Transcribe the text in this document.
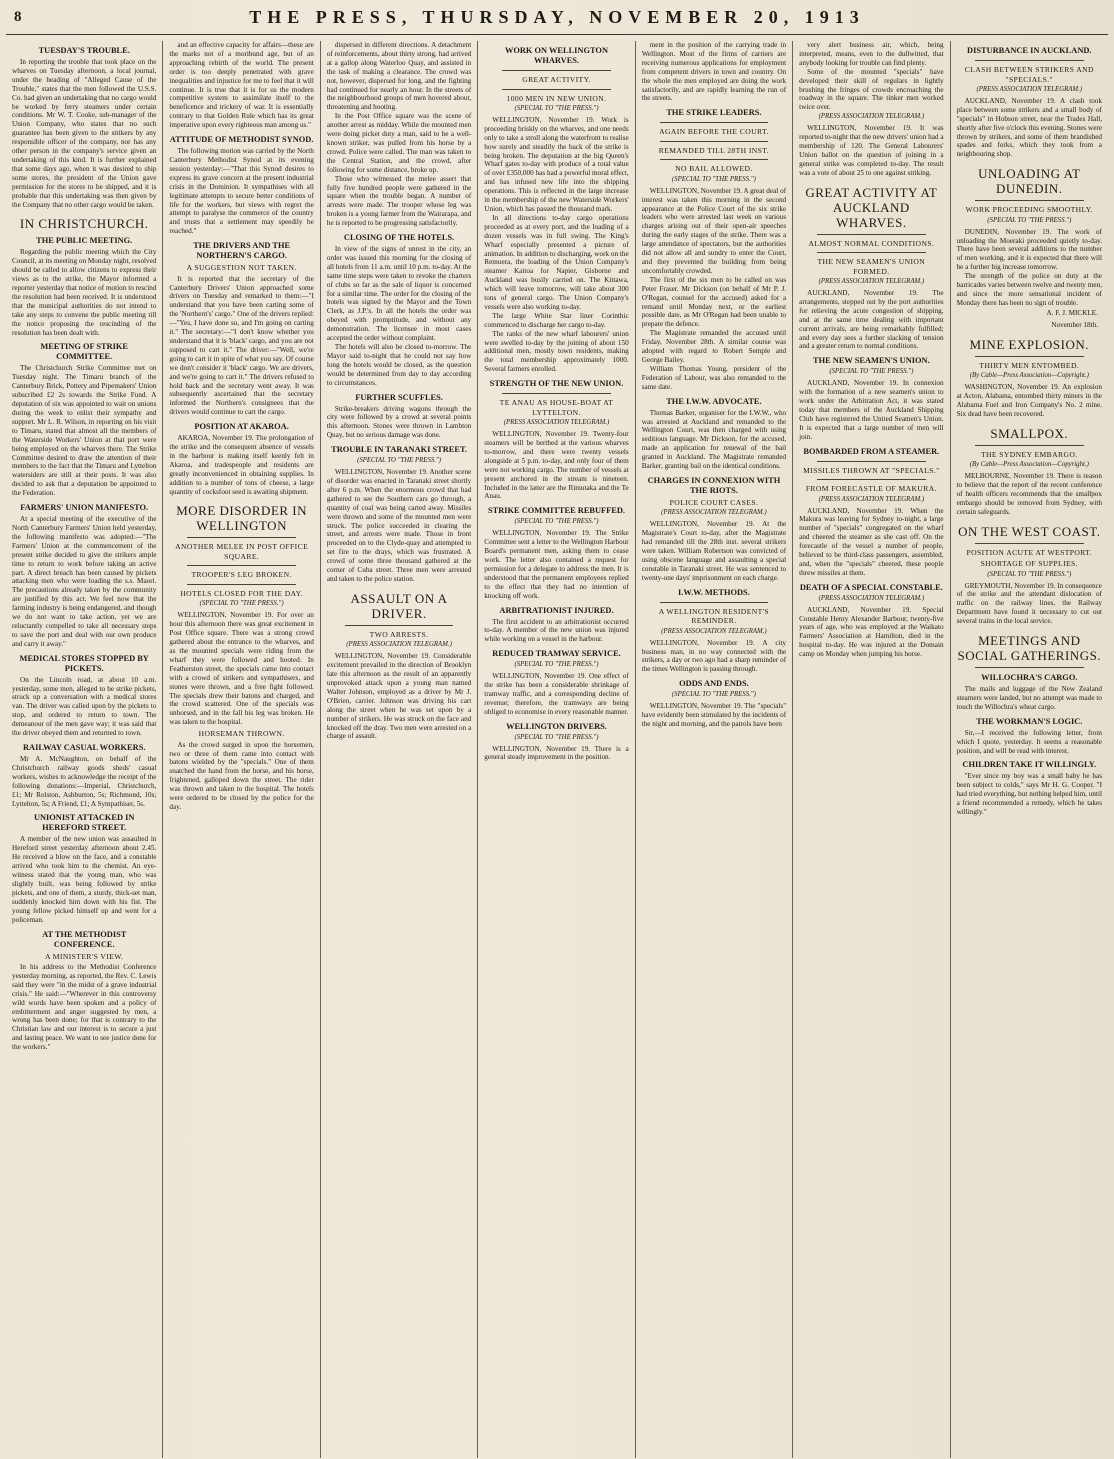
8	THE PRESS, THURSDAY, NOVEMBER 20, 1913
TUESDAY'S TROUBLE.

In reporting the trouble that took place on the wharves on Tuesday afternoon, a local journal, under the heading of "Alleged Cause of the Trouble," states that the men followed the U.S.S. Co. had given an undertaking that no cargo would be worked by ferry steamers under certain conditions. Mr W. T. Cooke, sub-manager of the Union Company, who states that no such guarantee has been given to the strikers by any responsible officer of the company, nor has any other person in the company's service given an undertaking of this kind. It is further explained that some days ago, when it was desired to ship some stores, the president of the Union gave permission for the stores to be shipped, and it is probable that this undertaking was then given by the Company that no other cargo would be taken.

IN CHRISTCHURCH.
THE PUBLIC MEETING.

Regarding the public meeting which the City Council, at its meeting on Monday night, resolved should be called to allow citizens to express their views as to the strike, the Mayor informed a reporter yesterday that notice of motion to rescind the resolution had been received. It is understood that the municipal authorities do not intend to take any steps to convene the public meeting till the notice proposing the rescinding of the resolution has been dealt with.

MEETING OF STRIKE COMMITTEE.

The Christchurch Strike Committee met on Tuesday night. The Timaru branch of the Canterbury Brick, Pottery and Pipemakers' Union subscribed £2 2s towards the Strike Fund. A deputation of six was appointed to wait on unions during the week to enlist their sympathy and support. Mr L. R. Wilson, in reporting on his visit to Timaru, stated that almost all the members of the Waterside Workers' Union at that port were being employed on the wharves there. The Strike Committee desired to draw the attention of their members to the fact that the Timaru and Lyttelton watersiders are still at their posts. It was also decided to ask that a deputation be appointed to the Federation.

FARMERS' UNION MANIFESTO.

At a special meeting of the executive of the North Canterbury Farmers' Union held yesterday, the following manifesto was adopted:—"The Farmers' Union at the commencement of the present strike decided to give the strikers ample time to return to work before taking an active part. A direct breach has been caused by pickets attacking men who were loading the s.s. Maori. The precautions already taken by the community are justified by this act. We feel now that the farming industry is being endangered, and though we do not want to take action, yet we are reluctantly compelled to take all necessary steps to save the port and deal with our own produce and carry it away."

MEDICAL STORES STOPPED BY PICKETS.

On the Lincoln road, at about 10 a.m. yesterday, some men, alleged to be strike pickets, struck up a conversation with a medical stores van. The driver was called upon by the pickets to stop, and ordered to return to town. The demeanour of the men gave way; it was said that the driver obeyed them and returned to town.

RAILWAY CASUAL WORKERS.

Mr A. McNaughton, on behalf of the Christchurch railway goods sheds' casual workers, wishes to acknowledge the receipt of the following donations:—Imperial, Christchurch, £1; Mr Rolston, Ashburton, 5s; Richmond, 10s; Lyttelton, 5s; A Friend, £1; A Sympathiser, 5s.

UNIONIST ATTACKED IN HEREFORD STREET.

A member of the new union was assaulted in Hereford street yesterday afternoon about 2.45. He received a blow on the face, and a constable arrived who took him to the chemist. An eye-witness stated that the young man, who was slightly built, was being followed by strike pickets, and one of them, a sturdy, thick-set man, suddenly knocked him down with his fist. The young fellow picked himself up and went for a policeman.

AT THE METHODIST CONFERENCE.
A MINISTER'S VIEW.

In his address to the Methodist Conference yesterday morning, as reported, the Rev. C. Lewis said they were "in the midst of a grave industrial crisis." He said:—"Wherever in this controversy wild words have been spoken and a policy of embitterment and anger suggested by men, a wrong has been done; for that is contrary to the Christian law and our interest is to secure a just and lasting peace. We want to see justice done for the workers."

and an effective capacity for affairs—these are the marks not of a moribund age, but of an approaching rebirth of the world. The present order is too deeply penetrated with grave inequalities and injustice for me to feel that it will continue. It is true that it is for us the modern competitive system to assimilate itself to the beneficence and trickery of war. It is essentially contrary to that Golden Rule which has its great imperative upon every righteous man among us."

ATTITUDE OF METHODIST SYNOD.

The following motion was carried by the North Canterbury Methodist Synod at its evening session yesterday:—"That this Synod desires to express its grave concern at the present industrial crisis in the Dominion. It sympathises with all legitimate attempts to secure better conditions of life for the workers, but views with regret the attempt to paralyse the commerce of the country and trusts that a settlement may speedily be reached."

THE DRIVERS AND THE NORTHERN'S CARGO.
A SUGGESTION NOT TAKEN.

It is reported that the secretary of the Canterbury Drivers' Union approached some drivers on Tuesday and remarked to them:—"I understand that you have been carting some of the 'Northern's' cargo." One of the drivers replied:—"Yes, I have done so, and I'm going on carting it." The secretary:—"I don't know whether you understand that it is 'black' cargo, and you are not supposed to cart it." The driver:—"Well, we're going to cart it in spite of what you say. Of course we don't consider it 'black' cargo. We are drivers, and we're going to cart it." The drivers refused to hold back and the secretary went away. It was subsequently ascertained that the secretary informed the Northern's consignees that the drivers would continue to cart the cargo.

POSITION AT AKAROA.

AKAROA, November 19. The prolongation of the strike and the consequent absence of vessels in the harbour is making itself keenly felt in Akaroa, and tradespeople and residents are greatly inconvenienced in obtaining supplies. In addition to a number of tons of cheese, a large quantity of cocksfoot seed is awaiting shipment.

MORE DISORDER IN WELLINGTON
ANOTHER MELEE IN POST OFFICE SQUARE.
TROOPER'S LEG BROKEN.
HOTELS CLOSED FOR THE DAY.
(SPECIAL TO "THE PRESS.")

WELLINGTON, November 19. For over an hour this afternoon there was great excitement in Post Office square. There was a strong crowd gathered about the entrance to the wharves, and as the mounted specials were riding from the wharf they were followed and hooted. In Featherston street, the specials came into contact with a crowd of strikers and sympathisers, and stones were thrown, and a free fight followed. The specials drew their batons and charged, and the crowd scattered. One of the specials was unhorsed, and in the fall his leg was broken. He was taken to the hospital.

HORSEMAN THROWN.

As the crowd surged in upon the horsemen, two or three of them came into contact with batons wielded by the "specials." One of them snatched the hand from the horse, and his horse, frightened, galloped down the street. The rider was thrown and taken to the hospital. The hotels were ordered to be closed by the police for the day.

dispersed in different directions. A detachment of reinforcements, about thirty strong, had arrived at a gallop along Waterloo Quay, and assisted in the task of making a clearance. The crowd was not, however, dispersed for long, and the fighting had continued for nearly an hour. In the streets of the neighbourhood groups of men hovered about, threatening and hooting.

In the Post Office square was the scene of another arrest as midday. While the mounted men were doing picket duty a man, said to be a well-known striker, was pulled from his horse by a crowd. Police were called. The man was taken to the Central Station, and the crowd, after following for some distance, broke up.

Those who witnessed the melee assert that fully five hundred people were gathered in the square when the trouble began. A number of arrests were made. The trooper whose leg was broken is a young farmer from the Wairarapa, and he is reported to be progressing satisfactorily.

CLOSING OF THE HOTELS.

In view of the signs of unrest in the city, an order was issued this morning for the closing of all hotels from 11 a.m. until 10 p.m. to-day. At the same time steps were taken to revoke the charters of clubs so far as the sale of liquor is concerned for a similar time. The order for the closing of the hotels was signed by the Mayor and the Town Clerk, as J.P.'s. In all the hotels the order was obeyed with promptitude, and without any demonstration. The licensee in most cases accepted the order without complaint.

The hotels will also be closed to-morrow. The Mayor said to-night that he could not say how long the hotels would be closed, as the question would be determined from day to day according to circumstances.

FURTHER SCUFFLES.

Strike-breakers driving wagons through the city were followed by a crowd at several points this afternoon. Stones were thrown in Lambton Quay, but no serious damage was done.

TROUBLE IN TARANAKI STREET.
(SPECIAL TO "THE PRESS.")

WELLINGTON, November 19. Another scene of disorder was enacted in Taranaki street shortly after 6 p.m. When the enormous crowd that had gathered to see the Southern cars go through, a quantity of coal was being carted away. Missiles were thrown and some of the mounted men were struck. The police succeeded in clearing the street, and arrests were made. Those in front proceeded on to the Clyde-quay and attempted to set fire to the drays, which was frustrated. A crowd of some three thousand gathered at the corner of Cuba street. Three men were arrested and taken to the police station.

ASSAULT ON A DRIVER.
TWO ARRESTS.
(PRESS ASSOCIATION TELEGRAM.)

WELLINGTON, November 19. Considerable excitement prevailed in the direction of Brooklyn late this afternoon as the result of an apparently unprovoked attack upon a young man named Walter Johnson, employed as a driver by Mr J. O'Brien, carrier. Johnson was driving his cart along the street when he was set upon by a number of strikers. He was struck on the face and knocked off the dray. Two men were arrested on a charge of assault.

WORK ON WELLINGTON WHARVES.
GREAT ACTIVITY.
1000 MEN IN NEW UNION.
(SPECIAL TO "THE PRESS.")

WELLINGTON, November 19. Work is proceeding briskly on the wharves, and one needs only to take a stroll along the waterfront to realise how surely and steadily the back of the strike is being broken. The deputation at the big Queen's Wharf gates to-day with produce of a total value of over £350,000 has had a powerful moral effect, and has infused new life into the shipping operations. This is reflected in the large increase in the membership of the new Waterside Workers' Union, which has passed the thousand mark.

In all directions to-day cargo operations proceeded as at every port, and the loading of a dozen vessels was in full swing. The King's Wharf especially presented a picture of animation. In addition to discharging, work on the Remuera, the loading of the Union Company's steamer Kaitoa for Napier, Gisborne and Auckland was busily carried on. The Kittawa, which will leave tomorrow, will take about 300 tons of general cargo. The Union Company's vessels were also working to-day.

The large White Star liner Corinthic commenced to discharge her cargo to-day.

The ranks of the new wharf labourers' union were swelled to-day by the joining of about 150 additional men, mostly town residents, making the total membership approximately 1000. Several farmers enrolled.

STRENGTH OF THE NEW UNION.
TE ANAU AS HOUSE-BOAT AT LYTTELTON.
(PRESS ASSOCIATION TELEGRAM.)

WELLINGTON, November 19. Twenty-four steamers will be berthed at the various wharves to-morrow, and there were twenty vessels alongside at 5 p.m. to-day, and only four of them were not working cargo. The number of vessels at present anchored in the stream is nineteen. Included in the latter are the Rimutaka and the Te Anau.

STRIKE COMMITTEE REBUFFED.
(SPECIAL TO "THE PRESS.")

WELLINGTON, November 19. The Strike Committee sent a letter to the Wellington Harbour Board's permanent men, asking them to cease work. The letter also contained a request for permission for a delegate to address the men. It is understood that the permanent employees replied to the effect that they had no intention of knocking off work.

ARBITRATIONIST INJURED.

The first accident to an arbitrationist occurred to-day. A member of the new union was injured while working on a vessel in the harbour.

REDUCED TRAMWAY SERVICE.
(SPECIAL TO "THE PRESS.")

WELLINGTON, November 19. One effect of the strike has been a considerable shrinkage of tramway traffic, and a corresponding decline of revenue; therefore, the tramways are being obliged to economise in every reasonable manner.

WELLINGTON DRIVERS.
(SPECIAL TO "THE PRESS.")

WELLINGTON, November 19. There is a general steady improvement in the position.

ment in the position of the carrying trade in Wellington. Most of the firms of carriers are receiving numerous applications for employment from competent drivers in town and country. On the whole the men employed are doing the work satisfactorily, and are rapidly learning the run of the streets.

THE STRIKE LEADERS.
AGAIN BEFORE THE COURT.
REMANDED TILL 28TH INST.
NO BAIL ALLOWED.
(SPECIAL TO "THE PRESS.")

WELLINGTON, November 19. A great deal of interest was taken this morning in the second appearance at the Police Court of the six strike leaders who were arrested last week on various charges arising out of their open-air speeches during the early stages of the strike. There was a large attendance of spectators, but the authorities did not allow all and sundry to enter the Court, and they prevented the building from being uncomfortably crowded.

The first of the six men to be called on was Peter Fraser. Mr Dickson (on behalf of Mr P. J. O'Regan, counsel for the accused) asked for a remand until Monday next, or the earliest possible date, as Mr O'Regan had been unable to prepare the defence.

The Magistrate remanded the accused until Friday, November 28th. A similar course was adopted with regard to Robert Semple and George Bailey.

William Thomas Young, president of the Federation of Labour, was also remanded to the same date.

THE I.W.W. ADVOCATE.

Thomas Barker, organiser for the I.W.W., who was arrested at Auckland and remanded to the Wellington Court, was then charged with using seditious language. Mr Dickson, for the accused, made an application for renewal of the bail granted in Auckland. The Magistrate remanded Barker, granting bail on the identical conditions.

CHARGES IN CONNEXION WITH THE RIOTS.
POLICE COURT CASES.
(PRESS ASSOCIATION TELEGRAM.)

WELLINGTON, November 19. At the Magistrate's Court to-day, after the Magistrate had remanded till the 28th inst. several strikers were taken. William Robertson was convicted of using obscene language and assaulting a special constable in Taranaki street. He was sentenced to twenty-one days' imprisonment on each charge.

I.W.W. METHODS.
A WELLINGTON RESIDENT'S REMINDER.
(PRESS ASSOCIATION TELEGRAM.)

WELLINGTON, November 19. A city business man, in no way connected with the strikers, a day or two ago had a sharp reminder of the times Wellington is passing through.

ODDS AND ENDS.
(SPECIAL TO "THE PRESS.")

WELLINGTON, November 19. The "specials" have evidently been stimulated by the incidents of the night and morning, and the patrols have been

very alert business air, which, being interpreted, means, even to the dullwitted, that anybody looking for trouble can find plenty.

Some of the mounted "specials" have developed their skill of regulars in lightly brushing the fringes of crowds encroaching the roadway in the square. The tinker men worked twice over.

(PRESS ASSOCIATION TELEGRAM.)

WELLINGTON, November 19. It was reported to-night that the new drivers' union had a membership of 120. The General Labourers' Union ballot on the question of joining in a general strike was completed to-day. The result was a vote of about 25 to one against striking.

GREAT ACTIVITY AT AUCKLAND WHARVES.
ALMOST NORMAL CONDITIONS.
THE NEW SEAMEN'S UNION FORMED.
(PRESS ASSOCIATION TELEGRAM.)

AUCKLAND, November 19. The arrangements, stepped out by the port authorities for relieving the acute congestion of shipping, and at the same time dealing with important current arrivals, are being remarkably fulfilled; and every day sees a further slacking of tension and a greater return to normal conditions.

THE NEW SEAMEN'S UNION.
(SPECIAL TO "THE PRESS.")

AUCKLAND, November 19. In connexion with the formation of a new seamen's union to work under the Arbitration Act, it was stated today that members of the Auckland Shipping Club have registered the United Seamen's Union. It is expected that a large number of men will join.

BOMBARDED FROM A STEAMER.
MISSILES THROWN AT "SPECIALS."
FROM FORECASTLE OF MAKURA.
(PRESS ASSOCIATION TELEGRAM.)

AUCKLAND, November 19. When the Makura was leaving for Sydney to-night, a large number of "specials" congregated on the wharf and cheered the steamer as she cast off. On the forecastle of the vessel a number of people, believed to be third-class passengers, assembled, and, when the "specials" cheered, these people threw missiles at them.

DEATH OF A SPECIAL CONSTABLE.
(PRESS ASSOCIATION TELEGRAM.)

AUCKLAND, November 19. Special Constable Henry Alexander Barbour, twenty-five years of age, who was employed at the Waikato Farmers' Association at Hamilton, died in the hospital to-day. He was injured at the Domain camp on Monday when jumping his horse.

DISTURBANCE IN AUCKLAND.
CLASH BETWEEN STRIKERS AND "SPECIALS."
(PRESS ASSOCIATION TELEGRAM.)

AUCKLAND, November 19. A clash took place between some strikers and a small body of "specials" in Hobson street, near the Trades Hall, shortly after five o'clock this evening. Stones were thrown by strikers, and some of them brandished spades and forks, which they took from a neighbouring shop.

UNLOADING AT DUNEDIN.
WORK PROCEEDING SMOOTHLY.
(SPECIAL TO "THE PRESS.")

DUNEDIN, November 19. The work of unloading the Moeraki proceeded quietly to-day. There have been several additions to the number of men working, and it is expected that there will be a further big increase tomorrow.

The strength of the police on duty at the barricades varies between twelve and twenty men, and since the more sensational incident of Monday there has been no sign of trouble.

A. F. J. MICKLE.
November 18th.
MINE EXPLOSION.
THIRTY MEN ENTOMBED.
(By Cable—Press Association—Copyright.)

WASHINGTON, November 19. An explosion at Acton, Alabama, entombed thirty miners in the Alabama Fuel and Iron Company's No. 2 mine. Six dead have been recovered.

SMALLPOX.
THE SYDNEY EMBARGO.
(By Cable—Press Association—Copyright.)

MELBOURNE, November 19. There is reason to believe that the report of the recent conference of health officers recommends that the smallpox embargo should be removed from Sydney, with certain safeguards.

ON THE WEST COAST.
POSITION ACUTE AT WESTPORT.
SHORTAGE OF SUPPLIES.
(SPECIAL TO "THE PRESS.")

GREYMOUTH, November 19. In consequence of the strike and the attendant dislocation of traffic on the railway lines, the Railway Department have found it necessary to cut out several trains in the local service.

MEETINGS AND SOCIAL GATHERINGS.
WILLOCHRA'S CARGO.

The mails and luggage of the New Zealand steamers were landed, but no attempt was made to touch the Willochra's wheat cargo.

THE WORKMAN'S LOGIC.

Sir,—I received the following letter, from which I quote, yesterday. It seems a reasonable position, and will be read with interest.

CHILDREN TAKE IT WILLINGLY.

"Ever since my boy was a small baby he has been subject to colds," says Mr H. G. Cooper. "I had tried everything, but nothing helped him, until a friend recommended a remedy, which he takes willingly."
